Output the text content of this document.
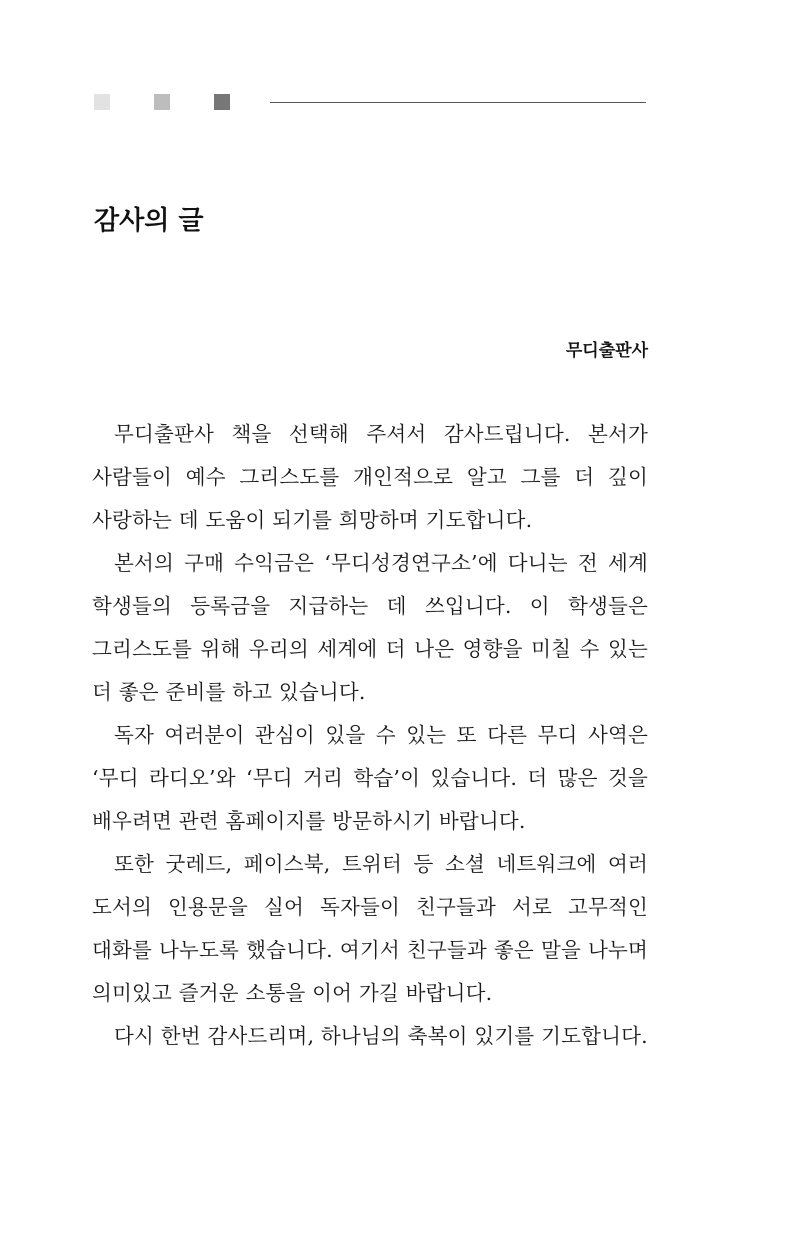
감사의 글

무디출판사

무디출판사 책을 선택해 주셔서 감사드립니다. 본서가 사람들이 예수 그리스도를 개인적으로 알고 그를 더 깊이 사랑하는 데 도움이 되기를 희망하며 기도합니다.

본서의 구매 수익금은 ‘무디성경연구소’에 다니는 전 세계 학생들의 등록금을 지급하는 데 쓰입니다. 이 학생들은 그리스도를 위해 우리의 세계에 더 나은 영향을 미칠 수 있는 더 좋은 준비를 하고 있습니다.

독자 여러분이 관심이 있을 수 있는 또 다른 무디 사역은 ‘무디 라디오’와 ‘무디 거리 학습’이 있습니다. 더 많은 것을 배우려면 관련 홈페이지를 방문하시기 바랍니다.

또한 굿레드, 페이스북, 트위터 등 소셜 네트워크에 여러 도서의 인용문을 실어 독자들이 친구들과 서로 고무적인 대화를 나누도록 했습니다. 여기서 친구들과 좋은 말을 나누며 의미있고 즐거운 소통을 이어 가길 바랍니다.

다시 한번 감사드리며, 하나님의 축복이 있기를 기도합니다.
